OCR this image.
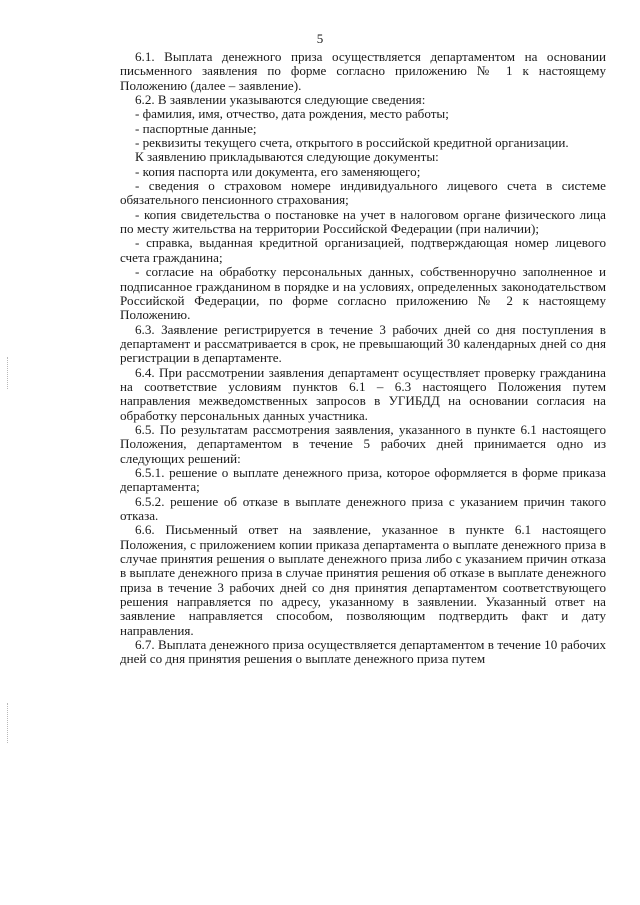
5

6.1. Выплата денежного приза осуществляется департаментом на основании письменного заявления по форме согласно приложению № 1 к настоящему Положению (далее – заявление).

6.2. В заявлении указываются следующие сведения:

- фамилия, имя, отчество, дата рождения, место работы;

- паспортные данные;

- реквизиты текущего счета, открытого в российской кредитной организации.

К заявлению прикладываются следующие документы:

- копия паспорта или документа, его заменяющего;

- сведения о страховом номере индивидуального лицевого счета в системе обязательного пенсионного страхования;

- копия свидетельства о постановке на учет в налоговом органе физического лица по месту жительства на территории Российской Федерации (при наличии);

- справка, выданная кредитной организацией, подтверждающая номер лицевого счета гражданина;

- согласие на обработку персональных данных, собственноручно заполненное и подписанное гражданином в порядке и на условиях, определенных законодательством Российской Федерации, по форме согласно приложению № 2 к настоящему Положению.

6.3. Заявление регистрируется в течение 3 рабочих дней со дня поступления в департамент и рассматривается в срок, не превышающий 30 календарных дней со дня регистрации в департаменте.

6.4. При рассмотрении заявления департамент осуществляет проверку гражданина на соответствие условиям пунктов 6.1 – 6.3 настоящего Положения путем направления межведомственных запросов в УГИБДД на основании согласия на обработку персональных данных участника.

6.5. По результатам рассмотрения заявления, указанного в пункте 6.1 настоящего Положения, департаментом в течение 5 рабочих дней принимается одно из следующих решений:

6.5.1. решение о выплате денежного приза, которое оформляется в форме приказа департамента;

6.5.2. решение об отказе в выплате денежного приза с указанием причин такого отказа.

6.6. Письменный ответ на заявление, указанное в пункте 6.1 настоящего Положения, с приложением копии приказа департамента о выплате денежного приза в случае принятия решения о выплате денежного приза либо с указанием причин отказа в выплате денежного приза в случае принятия решения об отказе в выплате денежного приза в течение 3 рабочих дней со дня принятия департаментом соответствующего решения направляется по адресу, указанному в заявлении. Указанный ответ на заявление направляется способом, позволяющим подтвердить факт и дату направления.

6.7. Выплата денежного приза осуществляется департаментом в течение 10 рабочих дней со дня принятия решения о выплате денежного приза путем
